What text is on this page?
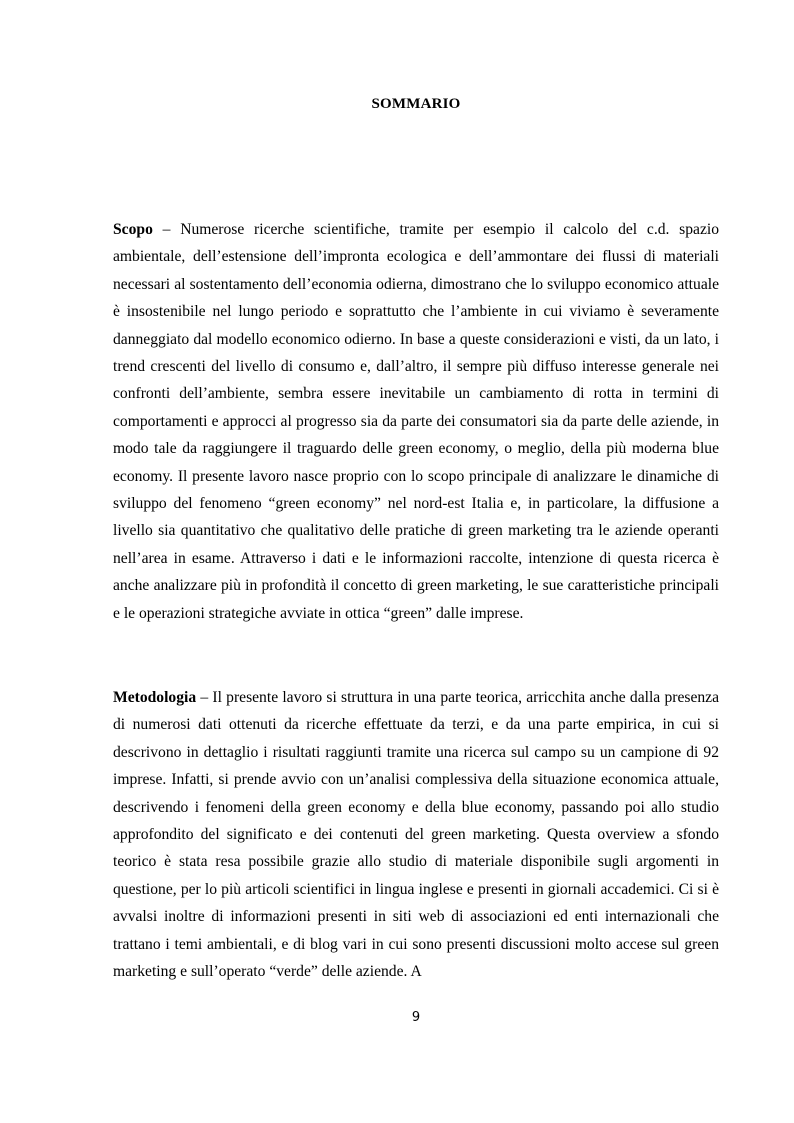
SOMMARIO

Scopo – Numerose ricerche scientifiche, tramite per esempio il calcolo del c.d. spazio ambientale, dell’estensione dell’impronta ecologica e dell’ammontare dei flussi di materiali necessari al sostentamento dell’economia odierna, dimostrano che lo sviluppo economico attuale è insostenibile nel lungo periodo e soprattutto che l’ambiente in cui viviamo è severamente danneggiato dal modello economico odierno. In base a queste considerazioni e visti, da un lato, i trend crescenti del livello di consumo e, dall’altro, il sempre più diffuso interesse generale nei confronti dell’ambiente, sembra essere inevitabile un cambiamento di rotta in termini di comportamenti e approcci al progresso sia da parte dei consumatori sia da parte delle aziende, in modo tale da raggiungere il traguardo delle green economy, o meglio, della più moderna blue economy. Il presente lavoro nasce proprio con lo scopo principale di analizzare le dinamiche di sviluppo del fenomeno “green economy” nel nord-est Italia e, in particolare, la diffusione a livello sia quantitativo che qualitativo delle pratiche di green marketing tra le aziende operanti nell’area in esame. Attraverso i dati e le informazioni raccolte, intenzione di questa ricerca è anche analizzare più in profondità il concetto di green marketing, le sue caratteristiche principali e le operazioni strategiche avviate in ottica “green” dalle imprese.

Metodologia – Il presente lavoro si struttura in una parte teorica, arricchita anche dalla presenza di numerosi dati ottenuti da ricerche effettuate da terzi, e da una parte empirica, in cui si descrivono in dettaglio i risultati raggiunti tramite una ricerca sul campo su un campione di 92 imprese. Infatti, si prende avvio con un’analisi complessiva della situazione economica attuale, descrivendo i fenomeni della green economy e della blue economy, passando poi allo studio approfondito del significato e dei contenuti del green marketing. Questa overview a sfondo teorico è stata resa possibile grazie allo studio di materiale disponibile sugli argomenti in questione, per lo più articoli scientifici in lingua inglese e presenti in giornali accademici. Ci si è avvalsi inoltre di informazioni presenti in siti web di associazioni ed enti internazionali che trattano i temi ambientali, e di blog vari in cui sono presenti discussioni molto accese sul green marketing e sull’operato “verde” delle aziende. A

9
